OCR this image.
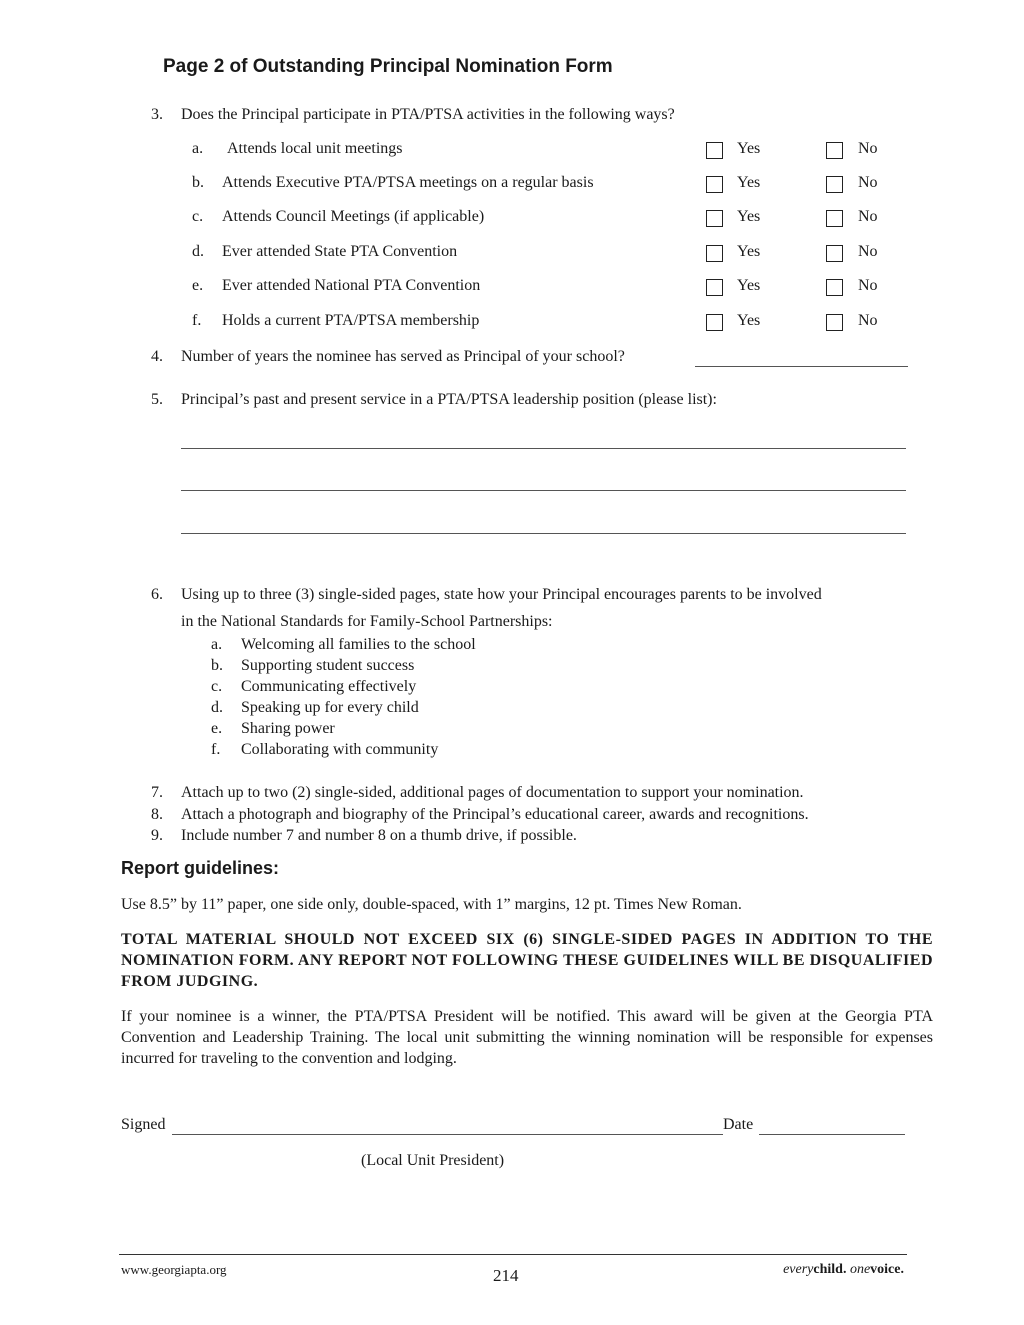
Page 2 of Outstanding Principal Nomination Form
3. Does the Principal participate in PTA/PTSA activities in the following ways?
a. Attends local unit meetings	Yes	No
b. Attends Executive PTA/PTSA meetings on a regular basis	Yes	No
c. Attends Council Meetings (if applicable)	Yes	No
d. Ever attended State PTA Convention	Yes	No
e. Ever attended National PTA Convention	Yes	No
f. Holds a current PTA/PTSA membership	Yes	No
4. Number of years the nominee has served as Principal of your school?
5. Principal’s past and present service in a PTA/PTSA leadership position (please list):
6. Using up to three (3) single-sided pages, state how your Principal encourages parents to be involved
in the National Standards for Family-School Partnerships:
a. Welcoming all families to the school
b. Supporting student success
c. Communicating effectively
d. Speaking up for every child
e. Sharing power
f. Collaborating with community
7. Attach up to two (2) single-sided, additional pages of documentation to support your nomination.
8. Attach a photograph and biography of the Principal’s educational career, awards and recognitions.
9. Include number 7 and number 8 on a thumb drive, if possible.
Report guidelines:
Use 8.5” by 11” paper, one side only, double-spaced, with 1” margins, 12 pt. Times New Roman.
TOTAL MATERIAL SHOULD NOT EXCEED SIX (6) SINGLE-SIDED PAGES IN ADDITION TO THE NOMINATION FORM. ANY REPORT NOT FOLLOWING THESE GUIDELINES WILL BE DISQUALIFIED FROM JUDGING.
If your nominee is a winner, the PTA/PTSA President will be notified. This award will be given at the Georgia PTA Convention and Leadership Training. The local unit submitting the winning nomination will be responsible for expenses incurred for traveling to the convention and lodging.
Signed	Date
(Local Unit President)
www.georgiapta.org	214	everychild. onevoice.
